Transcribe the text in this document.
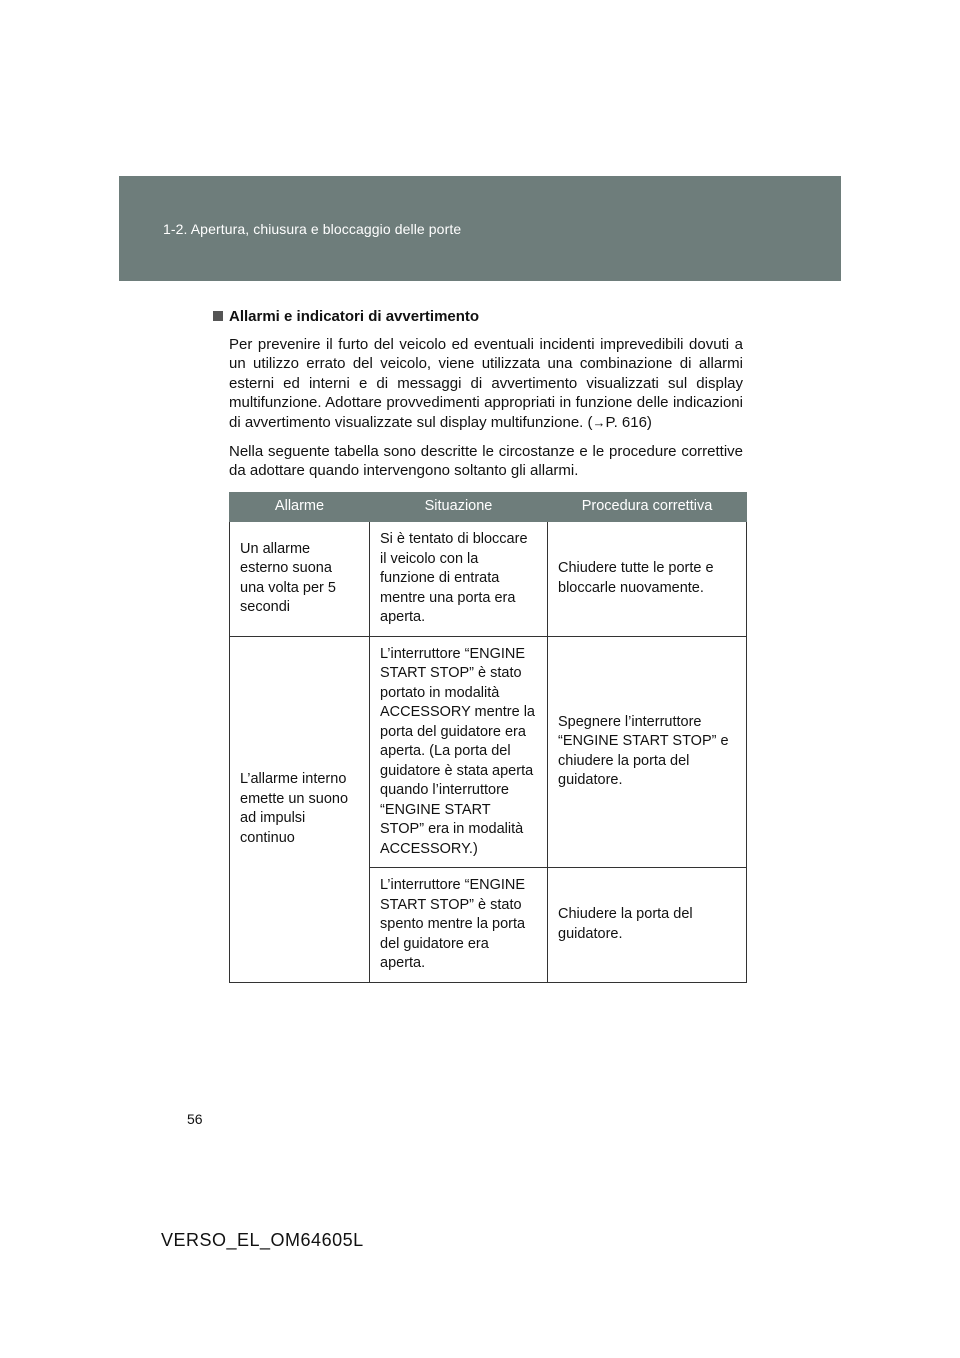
1-2. Apertura, chiusura e bloccaggio delle porte
Allarmi e indicatori di avvertimento

Per prevenire il furto del veicolo ed eventuali incidenti imprevedibili dovuti a un utilizzo errato del veicolo, viene utilizzata una combinazione di allarmi esterni ed interni e di messaggi di avvertimento visualizzati sul display multifunzione. Adottare provvedimenti appropriati in funzione delle indicazioni di avvertimento visualizzate sul display multifunzione. (→P. 616)

Nella seguente tabella sono descritte le circostanze e le procedure correttive da adottare quando intervengono soltanto gli allarmi.

Allarme	Situazione	Procedura correttiva
Un allarme esterno suona una volta per 5 secondi	Si è tentato di bloccare il veicolo con la funzione di entrata mentre una porta era aperta.	Chiudere tutte le porte e bloccarle nuovamente.
L’allarme interno emette un suono ad impulsi continuo	L’interruttore “ENGINE START STOP” è stato portato in modalità ACCESSORY mentre la porta del guidatore era aperta. (La porta del guidatore è stata aperta quando l’interruttore “ENGINE START STOP” era in modalità ACCESSORY.)	Spegnere l’interruttore “ENGINE START STOP” e chiudere la porta del guidatore.
	L’interruttore “ENGINE START STOP” è stato spento mentre la porta del guidatore era aperta.	Chiudere la porta del guidatore.
56
VERSO_EL_OM64605L
